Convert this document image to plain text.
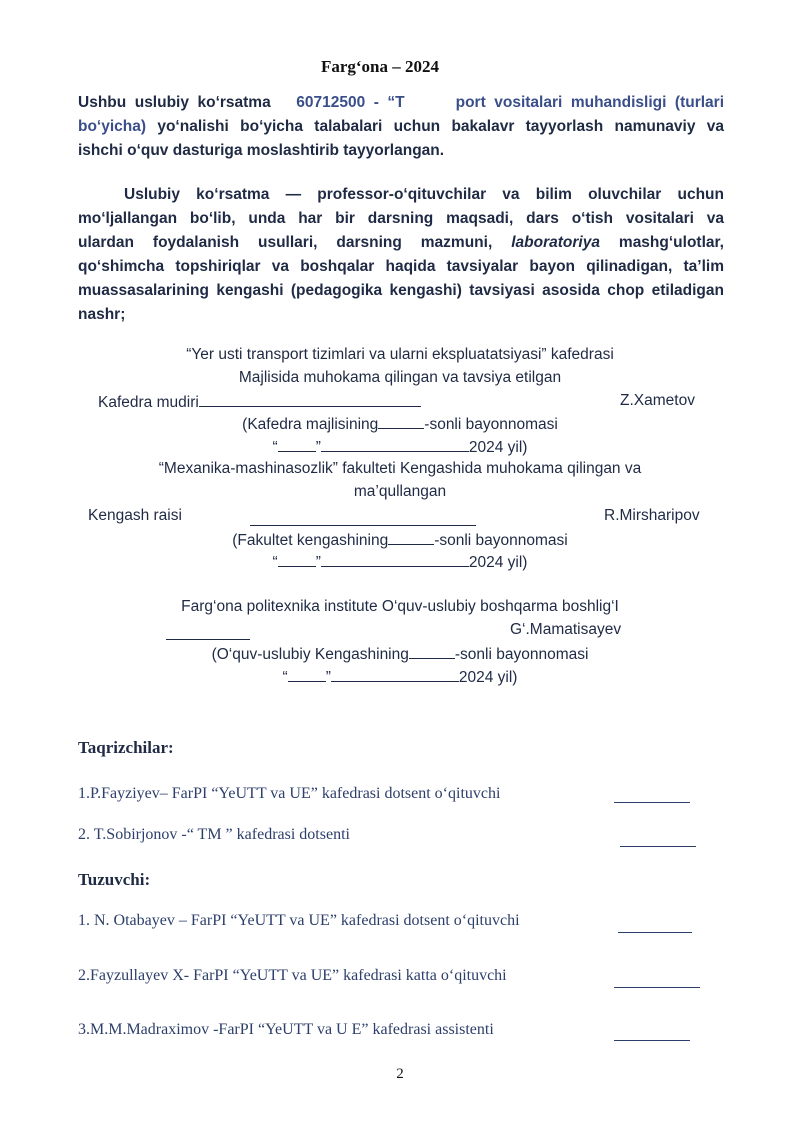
Farg‘ona – 2024
Ushbu uslubiy ko‘rsatma 60712500 - “T	port vositalari muhandisligi (turlari
bo‘yicha) yo‘nalishi bo‘yicha talabalari uchun bakalavr tayyorlash namunaviy va
ishchi o‘quv dasturiga moslashtirib tayyorlangan.
Uslubiy ko‘rsatma — professor-o‘qituvchilar va bilim oluvchilar uchun
mo‘ljallangan bo‘lib, unda har bir darsning maqsadi, dars o‘tish vositalari va
ulardan foydalanish usullari, darsning mazmuni, laboratoriya mashg‘ulotlar,
qo‘shimcha topshiriqlar va boshqalar haqida tavsiyalar bayon qilinadigan, ta’lim
muassasalarining kengashi (pedagogika kengashi) tavsiyasi asosida chop etiladigan
nashr;
“Yer usti transport tizimlari va ularni ekspluatatsiyasi” kafedrasi
Majlisida muhokama qilingan va tavsiya etilgan
Kafedra mudiri	Z.Xametov
(Kafedra majlisining	-sonli bayonnomasi
“ ”	2024 yil)
“Mexanika-mashinasozlik” fakulteti Kengashida muhokama qilingan va
ma’qullangan
Kengash raisi	R.Mirsharipov
(Fakultet kengashining	-sonli bayonnomasi
“ ”	2024 yil)
Farg‘ona politexnika institute O‘quv-uslubiy boshqarma boshlig‘I
G‘.Mamatisayev
(O‘quv-uslubiy Kengashining	-sonli bayonnomasi
“ ”	2024 yil)
Taqrizchilar:
1.P.Fayziyev– FarPI “YeUTT va UE” kafedrasi dotsent o‘qituvchi
2. T.Sobirjonov -“ TM ” kafedrasi dotsenti
Tuzuvchi:
1. N. Otabayev – FarPI “YeUTT va UE” kafedrasi dotsent o‘qituvchi
2.Fayzullayev X- FarPI “YeUTT va UE” kafedrasi katta o‘qituvchi
3.M.M.Madraximov -FarPI “YeUTT va U E” kafedrasi assistenti
2
